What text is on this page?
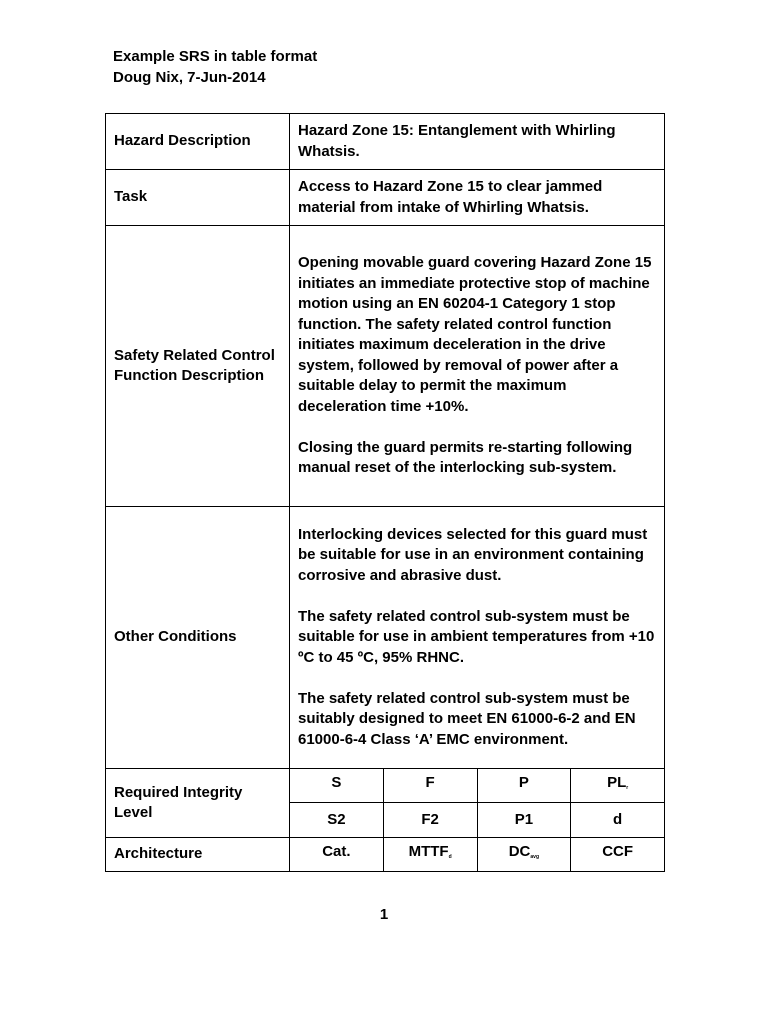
Example SRS in table format
Doug Nix, 7-Jun-2014
Hazard Description	Hazard Zone 15: Entanglement with Whirling Whatsis.			
Task	Access to Hazard Zone 15 to clear jammed material from intake of Whirling Whatsis.			
Safety Related Control Function Description	Opening movable guard covering Hazard Zone 15 initiates an immediate protective stop of machine motion using an EN 60204-1 Category 1 stop function. The safety related control function initiates maximum deceleration in the drive system, followed by removal of power after a suitable delay to permit the maximum deceleration time +10%.

Closing the guard permits re-starting following manual reset of the interlocking sub-system.			

Other Conditions	Interlocking devices selected for this guard must be suitable for use in an environment containing corrosive and abrasive dust.

The safety related control sub-system must be suitable for use in ambient temperatures from +10 ºC to 45 ºC, 95% RHNC.

The safety related control sub-system must be suitably designed to meet EN 61000-6-2 and EN 61000-6-4 Class ‘A’ EMC environment.			

Required Integrity Level	S	F	P	$PL_r$
	S2	F2	P1	d
Architecture	Cat.	$MTTF_d$	$DC_{avg}$	CCF
1
